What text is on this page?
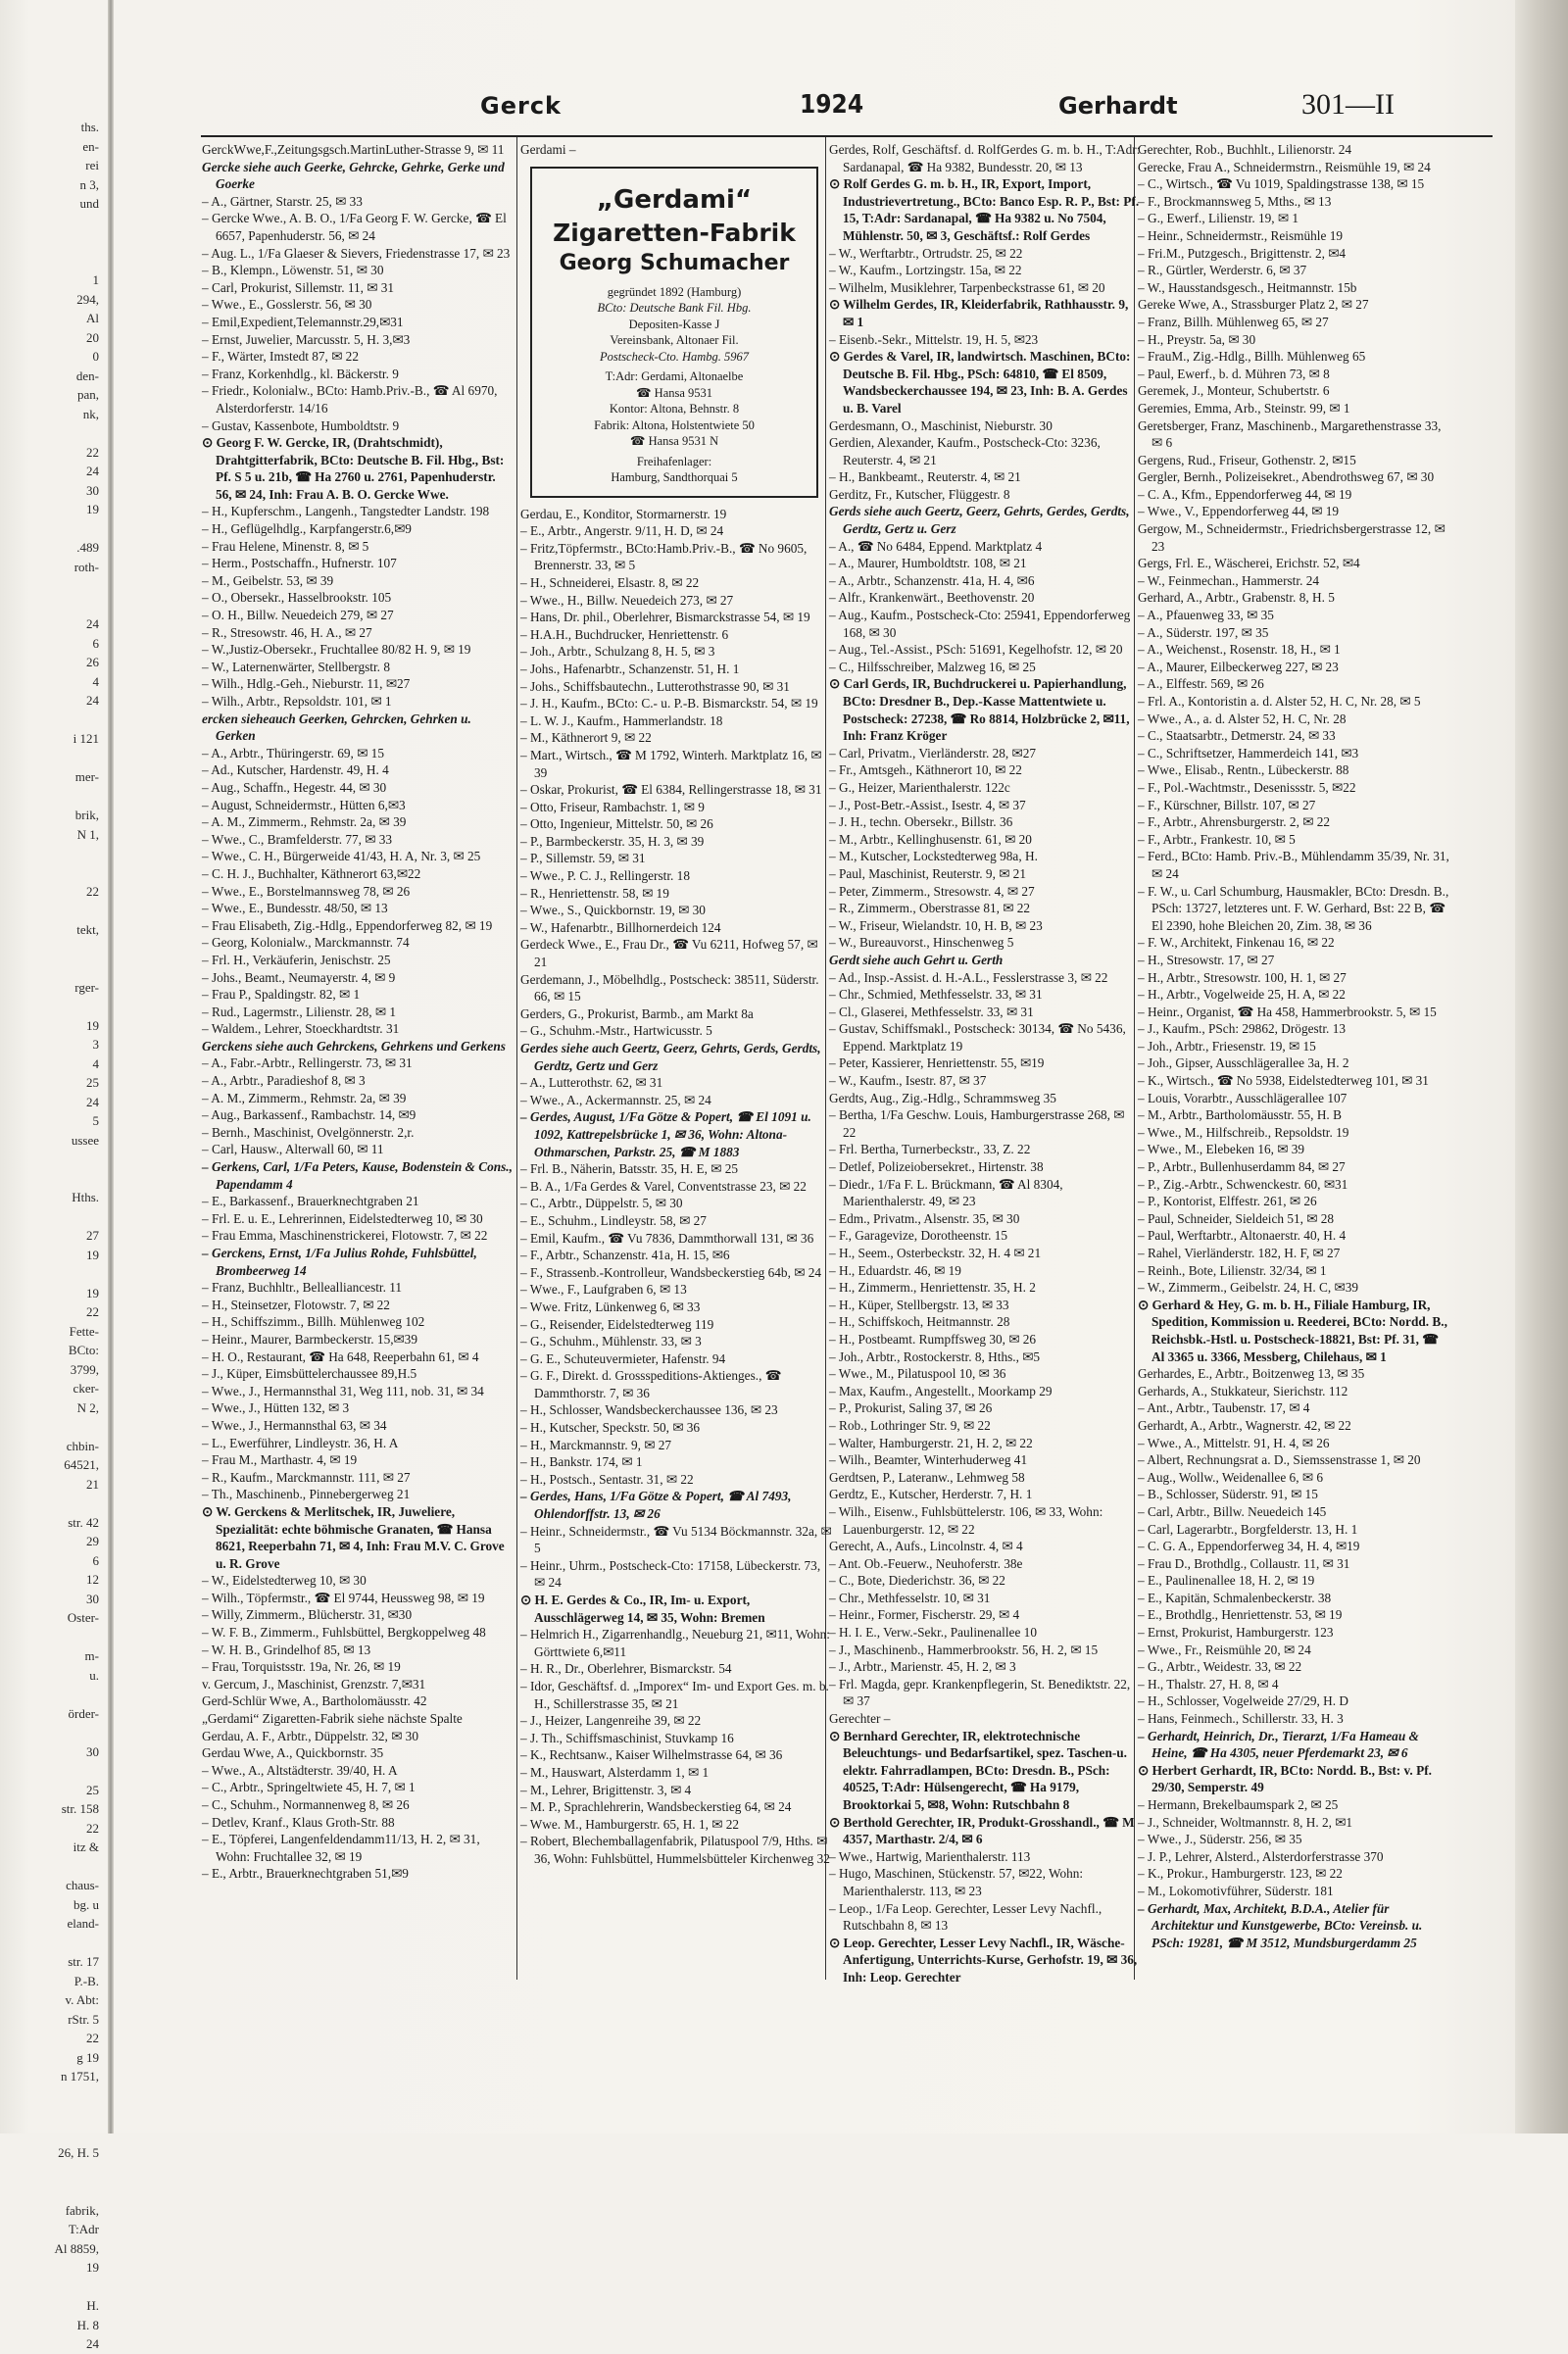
ths.
en-
rei
n 3,
und

1
294,
Al
20
0
den-
pan,
nk,

22
24
30
19

.489
roth-

24
6
26
4
24

i 121

mer-

brik,
N 1,

22

tekt,

rger-

19
3
4
25
24
5
ussee

Hths.

27
19

19
22
Fette-
BCto:
3799,
cker-
N 2,

chbin-
64521,
21

str. 42
29
6
12
30
Oster-

m-
u.

örder-

30

25
str. 158
22
itz &

chaus-
bg. u
eland-

str. 17
P.-B.
v. Abt:
rStr. 5
22
g 19
n 1751,

26, H. 5

fabrik,
T:Adr
Al 8859,
19

H.
H. 8
24
Gerck	1924	Gerhardt	301—II

GerckWwe,F.,Zeitungsgsch.MartinLuther-Strasse 9, ✉ 11

Gercke siehe auch Geerke, Gehrcke, Gehrke, Gerke und Goerke

– A., Gärtner, Starstr. 25, ✉ 33

– Gercke Wwe., A. B. O., 1/Fa Georg F. W. Gercke, ☎ El 6657, Papenhuderstr. 56, ✉ 24

– Aug. L., 1/Fa Glaeser & Sievers, Friedenstrasse 17, ✉ 23

– B., Klempn., Löwenstr. 51, ✉ 30

– Carl, Prokurist, Sillemstr. 11, ✉ 31

– Wwe., E., Gosslerstr. 56, ✉ 30

– Emil,Expedient,Telemannstr.29,✉31

– Ernst, Juwelier, Marcusstr. 5, H. 3,✉3

– F., Wärter, Imstedt 87, ✉ 22

– Franz, Korkenhdlg., kl. Bäckerstr. 9

– Friedr., Kolonialw., BCto: Hamb.Priv.-B., ☎ Al 6970, Alsterdorferstr. 14/16

– Gustav, Kassenbote, Humboldtstr. 9

⊙ Georg F. W. Gercke, IR, (Drahtschmidt), Drahtgitterfabrik, BCto: Deutsche B. Fil. Hbg., Bst: Pf. S 5 u. 21b, ☎ Ha 2760 u. 2761, Papenhuderstr. 56, ✉ 24, Inh: Frau A. B. O. Gercke Wwe.

– H., Kupferschm., Langenh., Tangstedter Landstr. 198

– H., Geflügelhdlg., Karpfangerstr.6,✉9

– Frau Helene, Minenstr. 8, ✉ 5

– Herm., Postschaffn., Hufnerstr. 107

– M., Geibelstr. 53, ✉ 39

– O., Obersekr., Hasselbrookstr. 105

– O. H., Billw. Neuedeich 279, ✉ 27

– R., Stresowstr. 46, H. A., ✉ 27

– W.,Justiz-Obersekr., Fruchtallee 80/82 H. 9, ✉ 19

– W., Laternenwärter, Stellbergstr. 8

– Wilh., Hdlg.-Geh., Nieburstr. 11, ✉27

– Wilh., Arbtr., Repsoldstr. 101, ✉ 1

ercken sieheauch Geerken, Gehrcken, Gehrken u. Gerken

– A., Arbtr., Thüringerstr. 69, ✉ 15

– Ad., Kutscher, Hardenstr. 49, H. 4

– Aug., Schaffn., Hegestr. 44, ✉ 30

– August, Schneidermstr., Hütten 6,✉3

– A. M., Zimmerm., Rehmstr. 2a, ✉ 39

– Wwe., C., Bramfelderstr. 77, ✉ 33

– Wwe., C. H., Bürgerweide 41/43, H. A, Nr. 3, ✉ 25

– C. H. J., Buchhalter, Käthnerort 63,✉22

– Wwe., E., Borstelmannsweg 78, ✉ 26

– Wwe., E., Bundesstr. 48/50, ✉ 13

– Frau Elisabeth, Zig.-Hdlg., Eppendorferweg 82, ✉ 19

– Georg, Kolonialw., Marckmannstr. 74

– Frl. H., Verkäuferin, Jenischstr. 25

– Johs., Beamt., Neumayerstr. 4, ✉ 9

– Frau P., Spaldingstr. 82, ✉ 1

– Rud., Lagermstr., Lilienstr. 28, ✉ 1

– Waldem., Lehrer, Stoeckhardtstr. 31

Gerckens siehe auch Gehrckens, Gehrkens und Gerkens

– A., Fabr.-Arbtr., Rellingerstr. 73, ✉ 31

– A., Arbtr., Paradieshof 8, ✉ 3

– A. M., Zimmerm., Rehmstr. 2a, ✉ 39

– Aug., Barkassenf., Rambachstr. 14, ✉9

– Bernh., Maschinist, Ovelgönnerstr. 2,r.

– Carl, Hausw., Alterwall 60, ✉ 11

– Gerkens, Carl, 1/Fa Peters, Kause, Bodenstein & Cons., Papendamm 4

– E., Barkassenf., Brauerknechtgraben 21

– Frl. E. u. E., Lehrerinnen, Eidelstedterweg 10, ✉ 30

– Frau Emma, Maschinenstrickerei, Flotowstr. 7, ✉ 22

– Gerckens, Ernst, 1/Fa Julius Rohde, Fuhlsbüttel, Brombeerweg 14

– Franz, Buchhltr., Bellealliancestr. 11

– H., Steinsetzer, Flotowstr. 7, ✉ 22

– H., Schiffszimm., Billh. Mühlenweg 102

– Heinr., Maurer, Barmbeckerstr. 15,✉39

– H. O., Restaurant, ☎ Ha 648, Reeperbahn 61, ✉ 4

– J., Küper, Eimsbüttelerchaussee 89,H.5

– Wwe., J., Hermannsthal 31, Weg 111, nob. 31, ✉ 34

– Wwe., J., Hütten 132, ✉ 3

– Wwe., J., Hermannsthal 63, ✉ 34

– L., Ewerführer, Lindleystr. 36, H. A

– Frau M., Marthastr. 4, ✉ 19

– R., Kaufm., Marckmannstr. 111, ✉ 27

– Th., Maschinenb., Pinnebergerweg 21

⊙ W. Gerckens & Merlitschek, IR, Juweliere, Spezialität: echte böhmische Granaten, ☎ Hansa 8621, Reeperbahn 71, ✉ 4, Inh: Frau M.V. C. Grove u. R. Grove

– W., Eidelstedterweg 10, ✉ 30

– Wilh., Töpfermstr., ☎ El 9744, Heussweg 98, ✉ 19

– Willy, Zimmerm., Blücherstr. 31, ✉30

– W. F. B., Zimmerm., Fuhlsbüttel, Bergkoppelweg 48

– W. H. B., Grindelhof 85, ✉ 13

– Frau, Torquistsstr. 19a, Nr. 26, ✉ 19

v. Gercum, J., Maschinist, Grenzstr. 7,✉31

Gerd-Schlür Wwe, A., Bartholomäusstr. 42

„Gerdami“ Zigaretten-Fabrik siehe nächste Spalte

Gerdau, A. F., Arbtr., Düppelstr. 32, ✉ 30

Gerdau Wwe, A., Quickbornstr. 35

– Wwe., A., Altstädterstr. 39/40, H. A

– C., Arbtr., Springeltwiete 45, H. 7, ✉ 1

– C., Schuhm., Normannenweg 8, ✉ 26

– Detlev, Kranf., Klaus Groth-Str. 88

– E., Töpferei, Langenfeldendamm11/13, H. 2, ✉ 31, Wohn: Fruchtallee 32, ✉ 19

– E., Arbtr., Brauerknechtgraben 51,✉9

Gerdami –

„Gerdami“
Zigaretten-Fabrik
Georg Schumacher
gegründet 1892 (Hamburg)
BCto: Deutsche Bank Fil. Hbg.
Depositen-Kasse J
Vereinsbank, Altonaer Fil.
Postscheck-Cto. Hambg. 5967
T:Adr: Gerdami, Altonaelbe
☎ Hansa 9531
Kontor: Altona, Behnstr. 8
Fabrik: Altona, Holstentwiete 50
☎ Hansa 9531 N
Freihafenlager:
Hamburg, Sandthorquai 5

Gerdau, E., Konditor, Stormarnerstr. 19

– E., Arbtr., Angerstr. 9/11, H. D, ✉ 24

– Fritz,Töpfermstr., BCto:Hamb.Priv.-B., ☎ No 9605, Brennerstr. 33, ✉ 5

– H., Schneiderei, Elsastr. 8, ✉ 22

– Wwe., H., Billw. Neuedeich 273, ✉ 27

– Hans, Dr. phil., Oberlehrer, Bismarckstrasse 54, ✉ 19

– H.A.H., Buchdrucker, Henriettenstr. 6

– Joh., Arbtr., Schulzang 8, H. 5, ✉ 3

– Johs., Hafenarbtr., Schanzenstr. 51, H. 1

– Johs., Schiffsbautechn., Lutterothstrasse 90, ✉ 31

– J. H., Kaufm., BCto: C.- u. P.-B. Bismarckstr. 54, ✉ 19

– L. W. J., Kaufm., Hammerlandstr. 18

– M., Käthnerort 9, ✉ 22

– Mart., Wirtsch., ☎ M 1792, Winterh. Marktplatz 16, ✉ 39

– Oskar, Prokurist, ☎ El 6384, Rellingerstrasse 18, ✉ 31

– Otto, Friseur, Rambachstr. 1, ✉ 9

– Otto, Ingenieur, Mittelstr. 50, ✉ 26

– P., Barmbeckerstr. 35, H. 3, ✉ 39

– P., Sillemstr. 59, ✉ 31

– Wwe., P. C. J., Rellingerstr. 18

– R., Henriettenstr. 58, ✉ 19

– Wwe., S., Quickbornstr. 19, ✉ 30

– W., Hafenarbtr., Billhornerdeich 124

Gerdeck Wwe., E., Frau Dr., ☎ Vu 6211, Hofweg 57, ✉ 21

Gerdemann, J., Möbelhdlg., Postscheck: 38511, Süderstr. 66, ✉ 15

Gerders, G., Prokurist, Barmb., am Markt 8a

– G., Schuhm.-Mstr., Hartwicusstr. 5

Gerdes siehe auch Geertz, Geerz, Gehrts, Gerds, Gerdts, Gerdtz, Gertz und Gerz

– A., Lutterothstr. 62, ✉ 31

– Wwe., A., Ackermannstr. 25, ✉ 24

– Gerdes, August, 1/Fa Götze & Popert, ☎ El 1091 u. 1092, Kattrepelsbrücke 1, ✉ 36, Wohn: Altona-Othmarschen, Parkstr. 25, ☎ M 1883

– Frl. B., Näherin, Batsstr. 35, H. E, ✉ 25

– B. A., 1/Fa Gerdes & Varel, Conventstrasse 23, ✉ 22

– C., Arbtr., Düppelstr. 5, ✉ 30

– E., Schuhm., Lindleystr. 58, ✉ 27

– Emil, Kaufm., ☎ Vu 7836, Dammthorwall 131, ✉ 36

– F., Arbtr., Schanzenstr. 41a, H. 15, ✉6

– F., Strassenb.-Kontrolleur, Wandsbeckerstieg 64b, ✉ 24

– Wwe., F., Laufgraben 6, ✉ 13

– Wwe. Fritz, Lünkenweg 6, ✉ 33

– G., Reisender, Eidelstedterweg 119

– G., Schuhm., Mühlenstr. 33, ✉ 3

– G. E., Schuteuvermieter, Hafenstr. 94

– G. F., Direkt. d. Grossspeditions-Aktienges., ☎ Dammthorstr. 7, ✉ 36

– H., Schlosser, Wandsbeckerchaussee 136, ✉ 23

– H., Kutscher, Speckstr. 50, ✉ 36

– H., Marckmannstr. 9, ✉ 27

– H., Bankstr. 174, ✉ 1

– H., Postsch., Sentastr. 31, ✉ 22

– Gerdes, Hans, 1/Fa Götze & Popert, ☎ Al 7493, Ohlendorffstr. 13, ✉ 26

– Heinr., Schneidermstr., ☎ Vu 5134 Böckmannstr. 32a, ✉ 5

– Heinr., Uhrm., Postscheck-Cto: 17158, Lübeckerstr. 73, ✉ 24

⊙ H. E. Gerdes & Co., IR, Im- u. Export, Ausschlägerweg 14, ✉ 35, Wohn: Bremen

– Helmrich H., Zigarrenhandlg., Neueburg 21, ✉11, Wohn: Görttwiete 6,✉11

– H. R., Dr., Oberlehrer, Bismarckstr. 54

– Idor, Geschäftsf. d. „Imporex“ Im- und Export Ges. m. b. H., Schillerstrasse 35, ✉ 21

– J., Heizer, Langenreihe 39, ✉ 22

– J. Th., Schiffsmaschinist, Stuvkamp 16

– K., Rechtsanw., Kaiser Wilhelmstrasse 64, ✉ 36

– M., Hauswart, Alsterdamm 1, ✉ 1

– M., Lehrer, Brigittenstr. 3, ✉ 4

– M. P., Sprachlehrerin, Wandsbeckerstieg 64, ✉ 24

– Wwe. M., Hamburgerstr. 65, H. 1, ✉ 22

– Robert, Blechemballagenfabrik, Pilatuspool 7/9, Hths. ✉ 36, Wohn: Fuhlsbüttel, Hummelsbütteler Kirchenweg 32

Gerdes, Rolf, Geschäftsf. d. RolfGerdes G. m. b. H., T:Adr: Sardanapal, ☎ Ha 9382, Bundesstr. 20, ✉ 13

⊙ Rolf Gerdes G. m. b. H., IR, Export, Import, Industrievertretung., BCto: Banco Esp. R. P., Bst: Pf. 15, T:Adr: Sardanapal, ☎ Ha 9382 u. No 7504, Mühlenstr. 50, ✉ 3, Geschäftsf.: Rolf Gerdes

– W., Werftarbtr., Ortrudstr. 25, ✉ 22

– W., Kaufm., Lortzingstr. 15a, ✉ 22

– Wilhelm, Musiklehrer, Tarpenbeckstrasse 61, ✉ 20

⊙ Wilhelm Gerdes, IR, Kleiderfabrik, Rathhausstr. 9, ✉ 1

– Eisenb.-Sekr., Mittelstr. 19, H. 5, ✉23

⊙ Gerdes & Varel, IR, landwirtsch. Maschinen, BCto: Deutsche B. Fil. Hbg., PSch: 64810, ☎ El 8509, Wandsbeckerchaussee 194, ✉ 23, Inh: B. A. Gerdes u. B. Varel

Gerdesmann, O., Maschinist, Nieburstr. 30

Gerdien, Alexander, Kaufm., Postscheck-Cto: 3236, Reuterstr. 4, ✉ 21

– H., Bankbeamt., Reuterstr. 4, ✉ 21

Gerditz, Fr., Kutscher, Flüggestr. 8

Gerds siehe auch Geertz, Geerz, Gehrts, Gerdes, Gerdts, Gerdtz, Gertz u. Gerz

– A., ☎ No 6484, Eppend. Marktplatz 4

– A., Maurer, Humboldtstr. 108, ✉ 21

– A., Arbtr., Schanzenstr. 41a, H. 4, ✉6

– Alfr., Krankenwärt., Beethovenstr. 20

– Aug., Kaufm., Postscheck-Cto: 25941, Eppendorferweg 168, ✉ 30

– Aug., Tel.-Assist., PSch: 51691, Kegelhofstr. 12, ✉ 20

– C., Hilfsschreiber, Malzweg 16, ✉ 25

⊙ Carl Gerds, IR, Buchdruckerei u. Papierhandlung, BCto: Dresdner B., Dep.-Kasse Mattentwiete u. Postscheck: 27238, ☎ Ro 8814, Holzbrücke 2, ✉11, Inh: Franz Kröger

– Carl, Privatm., Vierländerstr. 28, ✉27

– Fr., Amtsgeh., Käthnerort 10, ✉ 22

– G., Heizer, Marienthalerstr. 122c

– J., Post-Betr.-Assist., Isestr. 4, ✉ 37

– J. H., techn. Obersekr., Billstr. 36

– M., Arbtr., Kellinghusenstr. 61, ✉ 20

– M., Kutscher, Lockstedterweg 98a, H.

– Paul, Maschinist, Reuterstr. 9, ✉ 21

– Peter, Zimmerm., Stresowstr. 4, ✉ 27

– R., Zimmerm., Oberstrasse 81, ✉ 22

– W., Friseur, Wielandstr. 10, H. B, ✉ 23

– W., Bureauvorst., Hinschenweg 5

Gerdt siehe auch Gehrt u. Gerth

– Ad., Insp.-Assist. d. H.-A.L., Fesslerstrasse 3, ✉ 22

– Chr., Schmied, Methfesselstr. 33, ✉ 31

– Cl., Glaserei, Methfesselstr. 33, ✉ 31

– Gustav, Schiffsmakl., Postscheck: 30134, ☎ No 5436, Eppend. Marktplatz 19

– Peter, Kassierer, Henriettenstr. 55, ✉19

– W., Kaufm., Isestr. 87, ✉ 37

Gerdts, Aug., Zig.-Hdlg., Schrammsweg 35

– Bertha, 1/Fa Geschw. Louis, Hamburgerstrasse 268, ✉ 22

– Frl. Bertha, Turnerbeckstr., 33, Z. 22

– Detlef, Polizeiobersekret., Hirtenstr. 38

– Diedr., 1/Fa F. L. Brückmann, ☎ Al 8304, Marienthalerstr. 49, ✉ 23

– Edm., Privatm., Alsenstr. 35, ✉ 30

– F., Garagevize, Dorotheenstr. 15

– H., Seem., Osterbeckstr. 32, H. 4 ✉ 21

– H., Eduardstr. 46, ✉ 19

– H., Zimmerm., Henriettenstr. 35, H. 2

– H., Küper, Stellbergstr. 13, ✉ 33

– H., Schiffskoch, Heitmannstr. 28

– H., Postbeamt. Rumpffsweg 30, ✉ 26

– Joh., Arbtr., Rostockerstr. 8, Hths., ✉5

– Wwe., M., Pilatuspool 10, ✉ 36

– Max, Kaufm., Angestellt., Moorkamp 29

– P., Prokurist, Saling 37, ✉ 26

– Rob., Lothringer Str. 9, ✉ 22

– Walter, Hamburgerstr. 21, H. 2, ✉ 22

– Wilh., Beamter, Winterhuderweg 41

Gerdtsen, P., Lateranw., Lehmweg 58

Gerdtz, E., Kutscher, Herderstr. 7, H. 1

– Wilh., Eisenw., Fuhlsbüttelerstr. 106, ✉ 33, Wohn: Lauenburgerstr. 12, ✉ 22

Gerecht, A., Aufs., Lincolnstr. 4, ✉ 4

– Ant. Ob.-Feuerw., Neuhoferstr. 38e

– C., Bote, Diederichstr. 36, ✉ 22

– Chr., Methfesselstr. 10, ✉ 31

– Heinr., Former, Fischerstr. 29, ✉ 4

– H. I. E., Verw.-Sekr., Paulinenallee 10

– J., Maschinenb., Hammerbrookstr. 56, H. 2, ✉ 15

– J., Arbtr., Marienstr. 45, H. 2, ✉ 3

– Frl. Magda, gepr. Krankenpflegerin, St. Benediktstr. 22, ✉ 37

Gerechter –

⊙ Bernhard Gerechter, IR, elektrotechnische Beleuchtungs- und Bedarfsartikel, spez. Taschen-u. elektr. Fahrradlampen, BCto: Dresdn. B., PSch: 40525, T:Adr: Hülsengerecht, ☎ Ha 9179, Brooktorkai 5, ✉8, Wohn: Rutschbahn 8

⊙ Berthold Gerechter, IR, Produkt-Grosshandl., ☎ M 4357, Marthastr. 2/4, ✉ 6

– Wwe., Hartwig, Marienthalerstr. 113

– Hugo, Maschinen, Stückenstr. 57, ✉22, Wohn: Marienthalerstr. 113, ✉ 23

– Leop., 1/Fa Leop. Gerechter, Lesser Levy Nachfl., Rutschbahn 8, ✉ 13

⊙ Leop. Gerechter, Lesser Levy Nachfl., IR, Wäsche-Anfertigung, Unterrichts-Kurse, Gerhofstr. 19, ✉ 36, Inh: Leop. Gerechter

Gerechter, Rob., Buchhlt., Lilienorstr. 24

Gerecke, Frau A., Schneidermstrn., Reismühle 19, ✉ 24

– C., Wirtsch., ☎ Vu 1019, Spaldingstrasse 138, ✉ 15

– F., Brockmannsweg 5, Mths., ✉ 13

– G., Ewerf., Lilienstr. 19, ✉ 1

– Heinr., Schneidermstr., Reismühle 19

– Fri.M., Putzgesch., Brigittenstr. 2, ✉4

– R., Gürtler, Werderstr. 6, ✉ 37

– W., Hausstandsgesch., Heitmannstr. 15b

Gereke Wwe, A., Strassburger Platz 2, ✉ 27

– Franz, Billh. Mühlenweg 65, ✉ 27

– H., Preystr. 5a, ✉ 30

– FrauM., Zig.-Hdlg., Billh. Mühlenweg 65

– Paul, Ewerf., b. d. Mühren 73, ✉ 8

Geremek, J., Monteur, Schubertstr. 6

Geremies, Emma, Arb., Steinstr. 99, ✉ 1

Geretsberger, Franz, Maschinenb., Margarethenstrasse 33, ✉ 6

Gergens, Rud., Friseur, Gothenstr. 2, ✉15

Gergler, Bernh., Polizeisekret., Abendrothsweg 67, ✉ 30

– C. A., Kfm., Eppendorferweg 44, ✉ 19

– Wwe., V., Eppendorferweg 44, ✉ 19

Gergow, M., Schneidermstr., Friedrichsbergerstrasse 12, ✉ 23

Gergs, Frl. E., Wäscherei, Erichstr. 52, ✉4

– W., Feinmechan., Hammerstr. 24

Gerhard, A., Arbtr., Grabenstr. 8, H. 5

– A., Pfauenweg 33, ✉ 35

– A., Süderstr. 197, ✉ 35

– A., Weichenst., Rosenstr. 18, H., ✉ 1

– A., Maurer, Eilbeckerweg 227, ✉ 23

– A., Elffestr. 569, ✉ 26

– Frl. A., Kontoristin a. d. Alster 52, H. C, Nr. 28, ✉ 5

– Wwe., A., a. d. Alster 52, H. C, Nr. 28

– C., Staatsarbtr., Detmerstr. 24, ✉ 33

– C., Schriftsetzer, Hammerdeich 141, ✉3

– Wwe., Elisab., Rentn., Lübeckerstr. 88

– F., Pol.-Wachtmstr., Desenissstr. 5, ✉22

– F., Kürschner, Billstr. 107, ✉ 27

– F., Arbtr., Ahrensburgerstr. 2, ✉ 22

– F., Arbtr., Frankestr. 10, ✉ 5

– Ferd., BCto: Hamb. Priv.-B., Mühlendamm 35/39, Nr. 31, ✉ 24

– F. W., u. Carl Schumburg, Hausmakler, BCto: Dresdn. B., PSch: 13727, letzteres unt. F. W. Gerhard, Bst: 22 B, ☎ El 2390, hohe Bleichen 20, Zim. 38, ✉ 36

– F. W., Architekt, Finkenau 16, ✉ 22

– H., Stresowstr. 17, ✉ 27

– H., Arbtr., Stresowstr. 100, H. 1, ✉ 27

– H., Arbtr., Vogelweide 25, H. A, ✉ 22

– Heinr., Organist, ☎ Ha 458, Hammerbrookstr. 5, ✉ 15

– J., Kaufm., PSch: 29862, Drögestr. 13

– Joh., Arbtr., Friesenstr. 19, ✉ 15

– Joh., Gipser, Ausschlägerallee 3a, H. 2

– K., Wirtsch., ☎ No 5938, Eidelstedterweg 101, ✉ 31

– Louis, Vorarbtr., Ausschlägerallee 107

– M., Arbtr., Bartholomäusstr. 55, H. B

– Wwe., M., Hilfschreib., Repsoldstr. 19

– Wwe., M., Elebeken 16, ✉ 39

– P., Arbtr., Bullenhuserdamm 84, ✉ 27

– P., Zig.-Arbtr., Schwenckestr. 60, ✉31

– P., Kontorist, Elffestr. 261, ✉ 26

– Paul, Schneider, Sieldeich 51, ✉ 28

– Paul, Werftarbtr., Altonaerstr. 40, H. 4

– Rahel, Vierländerstr. 182, H. F, ✉ 27

– Reinh., Bote, Lilienstr. 32/34, ✉ 1

– W., Zimmerm., Geibelstr. 24, H. C, ✉39

⊙ Gerhard & Hey, G. m. b. H., Filiale Hamburg, IR, Spedition, Kommission u. Reederei, BCto: Nordd. B., Reichsbk.-Hstl. u. Postscheck-18821, Bst: Pf. 31, ☎ Al 3365 u. 3366, Messberg, Chilehaus, ✉ 1

Gerhardes, E., Arbtr., Boitzenweg 13, ✉ 35

Gerhards, A., Stukkateur, Sierichstr. 112

– Ant., Arbtr., Taubenstr. 17, ✉ 4

Gerhardt, A., Arbtr., Wagnerstr. 42, ✉ 22

– Wwe., A., Mittelstr. 91, H. 4, ✉ 26

– Albert, Rechnungsrat a. D., Siemssenstrasse 1, ✉ 20

– Aug., Wollw., Weidenallee 6, ✉ 6

– B., Schlosser, Süderstr. 91, ✉ 15

– Carl, Arbtr., Billw. Neuedeich 145

– Carl, Lagerarbtr., Borgfelderstr. 13, H. 1

– C. G. A., Eppendorferweg 34, H. 4, ✉19

– Frau D., Brothdlg., Collaustr. 11, ✉ 31

– E., Paulinenallee 18, H. 2, ✉ 19

– E., Kapitän, Schmalenbeckerstr. 38

– E., Brothdlg., Henriettenstr. 53, ✉ 19

– Ernst, Prokurist, Hamburgerstr. 123

– Wwe., Fr., Reismühle 20, ✉ 24

– G., Arbtr., Weidestr. 33, ✉ 22

– H., Thalstr. 27, H. 8, ✉ 4

– H., Schlosser, Vogelweide 27/29, H. D

– Hans, Feinmech., Schillerstr. 33, H. 3

– Gerhardt, Heinrich, Dr., Tierarzt, 1/Fa Hameau & Heine, ☎ Ha 4305, neuer Pferdemarkt 23, ✉ 6

⊙ Herbert Gerhardt, IR, BCto: Nordd. B., Bst: v. Pf. 29/30, Semperstr. 49

– Hermann, Brekelbaumspark 2, ✉ 25

– J., Schneider, Woltmannstr. 8, H. 2, ✉1

– Wwe., J., Süderstr. 256, ✉ 35

– J. P., Lehrer, Alsterd., Alsterdorferstrasse 370

– K., Prokur., Hamburgerstr. 123, ✉ 22

– M., Lokomotivführer, Süderstr. 181

– Gerhardt, Max, Architekt, B.D.A., Atelier für Architektur und Kunstgewerbe, BCto: Vereinsb. u. PSch: 19281, ☎ M 3512, Mundsburgerdamm 25
